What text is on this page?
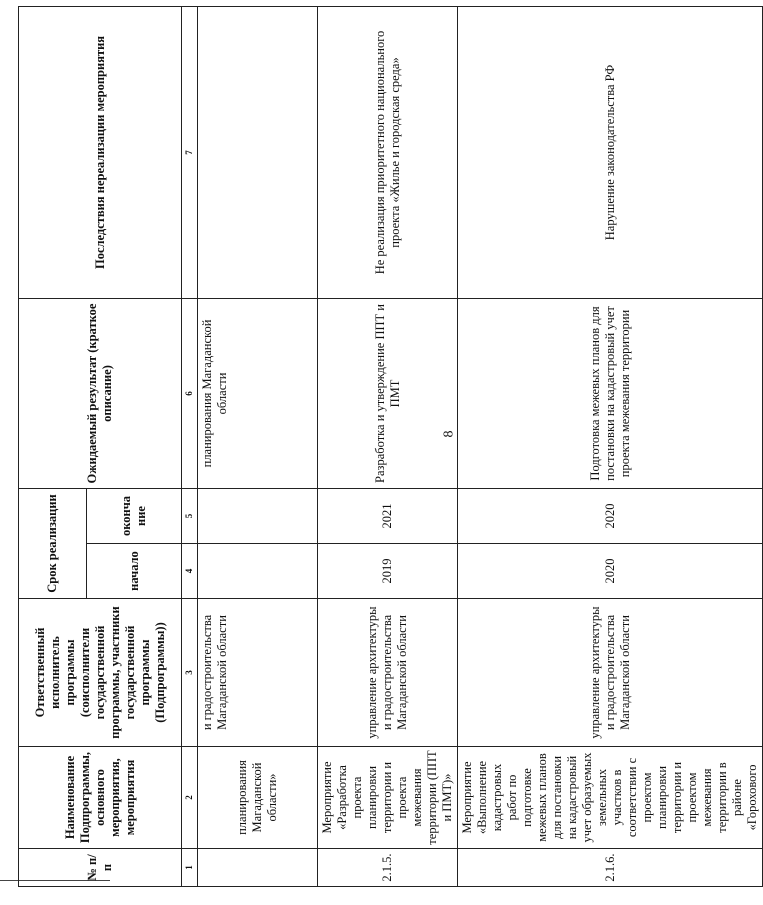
8
№ п/п	Наименование Подпрограммы, основного мероприятия, мероприятия	Ответственный исполнитель программы (соисполнители государственной программы, участники государственной программы (Подпрограммы))	Срок реализации		Ожидаемый результат (краткое описание)	Последствия нереализации мероприятия
			начало	оконча ние		
1	2	3	4	5	6	7
	планирования Магаданской области»	и градостроительства Магаданской области			планирования Магаданской области	
2.1.5.	Мероприятие «Разработка проекта планировки территории и проекта межевания территории (ППТ и ПМТ)»	управление архитектуры и градостроительства Магаданской области	2019	2021	Разработка и утверждение ППТ и ПМТ	Не реализация приоритетного национального проекта «Жилье и городская среда»
2.1.6.	Мероприятие «Выполнение кадастровых работ по подготовке межевых планов для постановки на кадастровый учет образуемых земельных участков в соответствии с проектом планировки территории и проектом межевания территории в районе «Горохового	управление архитектуры и градостроительства Магаданской области	2020	2020	Подготовка межевых планов для постановки на кадастровый учет проекта межевания территории	Нарушение законодательства РФ
